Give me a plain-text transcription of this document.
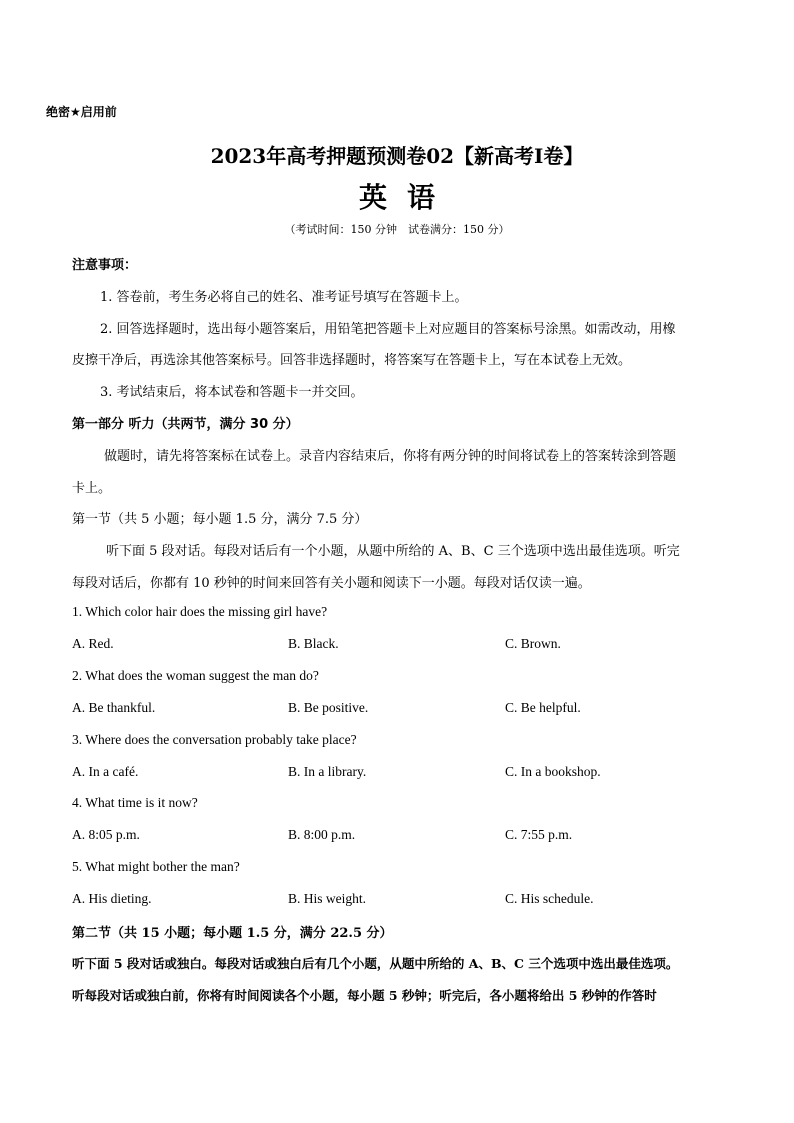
绝密★启用前
2023年高考押题预测卷02【新高考I卷】
英语
（考试时间：150 分钟　试卷满分：150 分）
注意事项：
1. 答卷前，考生务必将自己的姓名、准考证号填写在答题卡上。
2. 回答选择题时，选出每小题答案后，用铅笔把答题卡上对应题目的答案标号涂黑。如需改动，用橡
皮擦干净后，再选涂其他答案标号。回答非选择题时，将答案写在答题卡上，写在本试卷上无效。
3. 考试结束后，将本试卷和答题卡一并交回。
第一部分 听力（共两节，满分 30 分）
做题时，请先将答案标在试卷上。录音内容结束后，你将有两分钟的时间将试卷上的答案转涂到答题
卡上。
第一节（共 5 小题；每小题 1.5 分，满分 7.5 分）
听下面 5 段对话。每段对话后有一个小题，从题中所给的 A、B、C 三个选项中选出最佳选项。听完
每段对话后，你都有 10 秒钟的时间来回答有关小题和阅读下一小题。每段对话仅读一遍。
1. Which color hair does the missing girl have?
A. Red.	B. Black.	C. Brown.
2. What does the woman suggest the man do?
A. Be thankful.	B. Be positive.	C. Be helpful.
3. Where does the conversation probably take place?
A. In a café.	B. In a library.	C. In a bookshop.
4. What time is it now?
A. 8:05 p.m.	B. 8:00 p.m.	C. 7:55 p.m.
5. What might bother the man?
A. His dieting.	B. His weight.	C. His schedule.
第二节（共 15 小题；每小题 1.5 分，满分 22.5 分）
听下面 5 段对话或独白。每段对话或独白后有几个小题，从题中所给的 A、B、C 三个选项中选出最佳选项。
听每段对话或独白前，你将有时间阅读各个小题，每小题 5 秒钟；听完后，各小题将给出 5 秒钟的作答时
